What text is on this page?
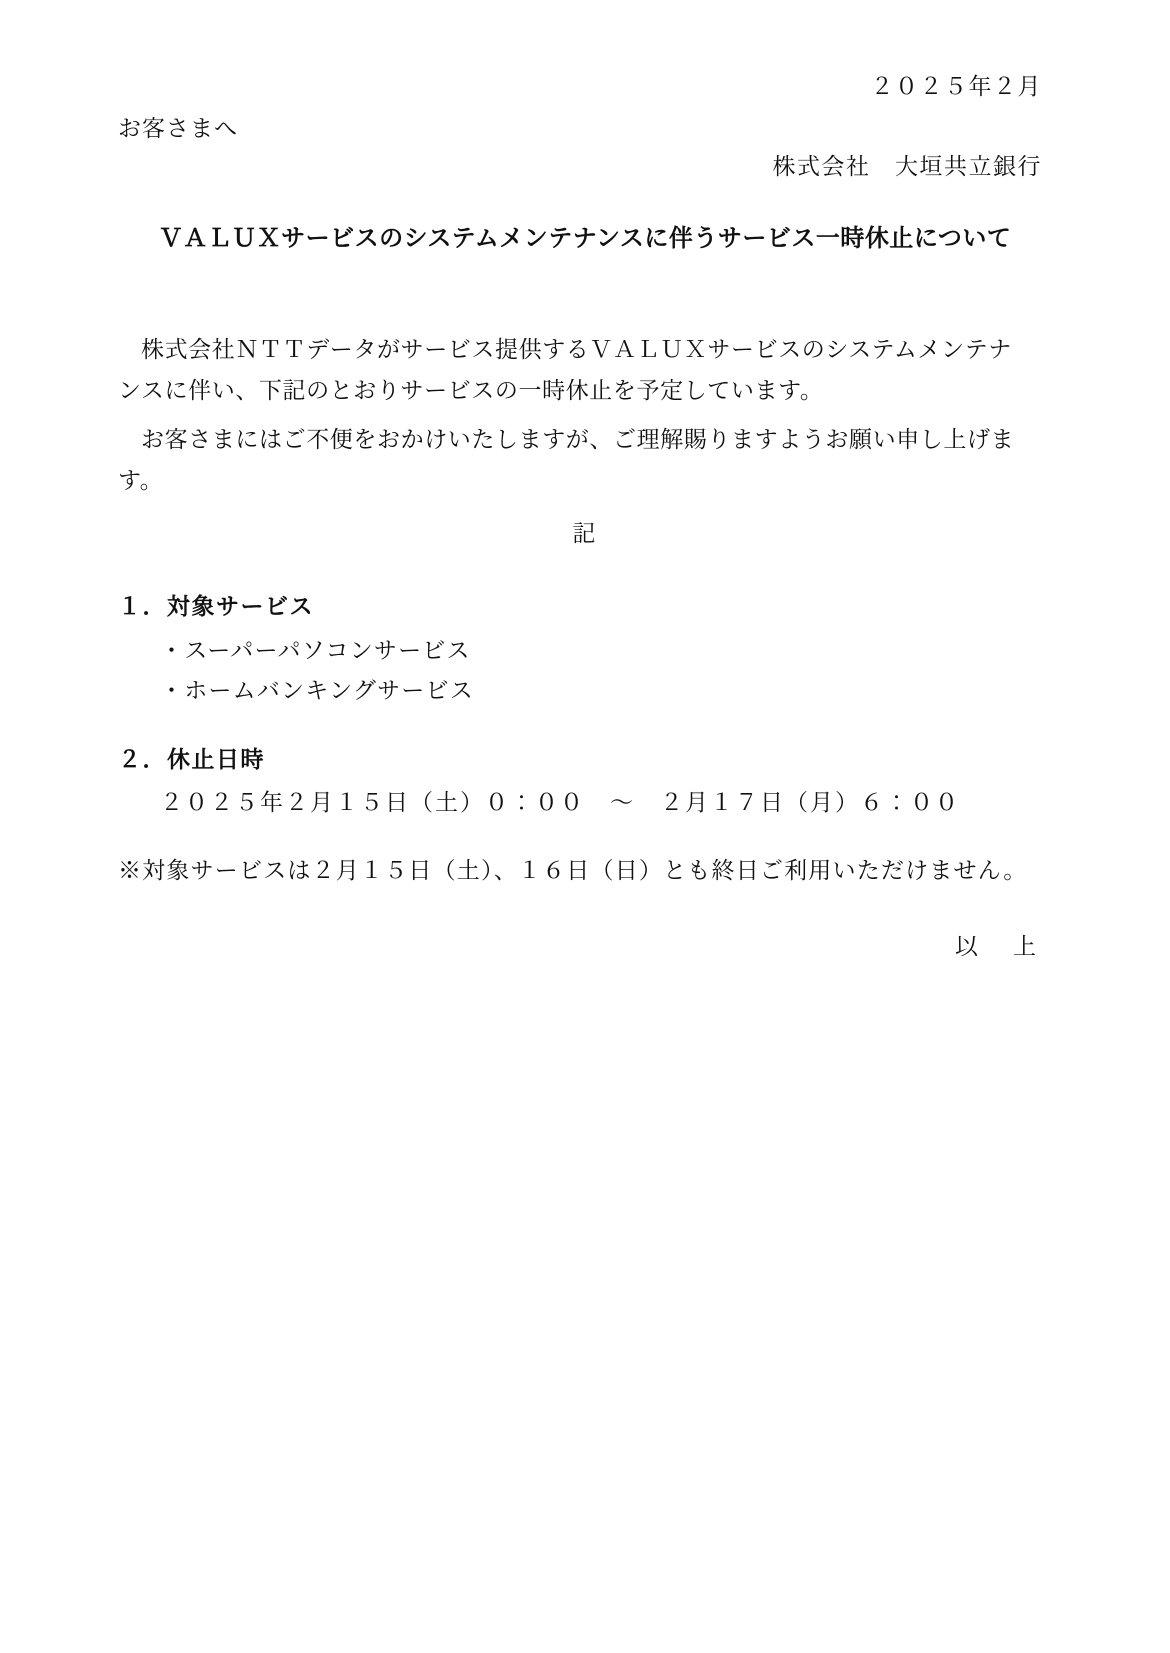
２０２５年２月
お客さまへ
株式会社　大垣共立銀行
ＶＡＬＵＸサービスのシステムメンテナンスに伴うサービス一時休止について

株式会社ＮＴＴデータがサービス提供するＶＡＬＵＸサービスのシステムメンテナンスに伴い、下記のとおりサービスの一時休止を予定しています。

お客さまにはご不便をおかけいたしますが、ご理解賜りますようお願い申し上げます。

記
１．対象サービス
・スーパーパソコンサービス
・ホームバンキングサービス
２．休止日時
２０２５年２月１５日（土）０：００　～　２月１７日（月）６：００
※対象サービスは２月１５日（土）、１６日（日）とも終日ご利用いただけません。
以　上
